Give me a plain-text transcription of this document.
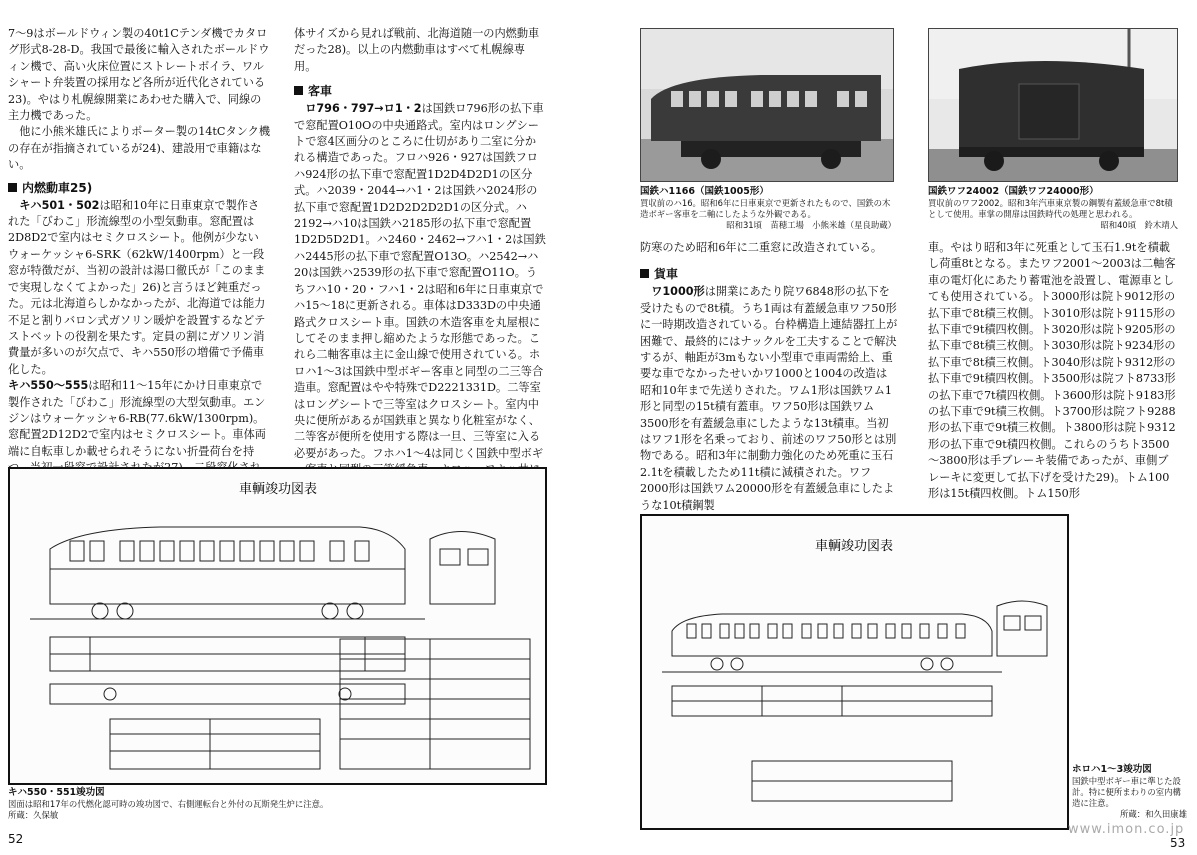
7～9はボールドウィン製の40t1Cテンダ機でカタログ形式8-28-D。我国で最後に輸入されたボールドウィン機で、高い火床位置にストレートボイラ、ワルシャート弁装置の採用など各所が近代化されている23)。やはり札幌線開業にあわせた購入で、同線の主力機であった。

他に小熊米雄氏によりポーター製の14tCタンク機の存在が指摘されているが24)、建設用で車籍はない。

内燃動車25)

キハ501・502は昭和10年に日車東京で製作された「びわこ」形流線型の小型気動車。窓配置は2D8D2で室内はセミクロスシート。他例が少ないウォーケッシャ6-SRK（62kW/1400rpm）と一段窓が特徴だが、当初の設計は湯口徹氏が「このままで実現しなくてよかった」26)と言うほど鈍重だった。元は北海道らしかなかったが、北海道では能力不足と割りバロン式ガソリン暖炉を設置するなどテストベットの役割を果たす。定員の割にガソリン消費量が多いのが欠点で、キハ550形の増備で予備車化した。

キハ550～555は昭和11～15年にかけ日車東京で製作された「びわこ」形流線型の大型気動車。エンジンはウォーケッシャ6-RB(77.6kW/1300rpm)。窓配置2D12D2で室内はセミクロスシート。車体両端に自転車しか載せられそうにない折畳荷台を持

体サイズから見れば戦前、北海道随一の内燃動車だった28)。以上の内燃動車はすべて札幌線専用。

客車

ロ796・797→ロ1・2は国鉄ロ796形の払下車で窓配置O10Oの中央通路式。室内はロングシートで窓4区画分のところに仕切があり二室に分かれる構造であった。フロハ926・927は国鉄フロハ924形の払下車で窓配置1D2D4D2D1の区分式。ハ2039・2044→ハ1・2は国鉄ハ2024形の払下車で窓配置1D2D2D2D2D1の区分式。ハ2192→ハ10は国鉄ハ2185形の払下車で窓配置1D2D5D2D1。ハ2460・2462→フハ1・2は国鉄ハ2445形の払下車で窓配置O13O。ハ2542→ハ20は国鉄ハ2539形の払下車で窓配置O11O。うちフハ10・20・フハ1・2は昭和6年に日車東京でハ15～18に更新される。車体はD333Dの中央通路式クロスシート車。国鉄の木造客車を丸屋根にしてそのまま押し縮めたような形態であった。これら二軸客車は主に金山線で使用されている。ホロハ1～3は国鉄中型ボギー客車と同型の二三等合造車。窓配置はやや特殊でD2221331D。二等室はロングシートで三等室はクロスシート。室内中央に便所があるが国鉄車と異なり化粧室がなく、二等客が便所を使用する際は一旦、三等室に入る必要があった。フホハ1～4は同じく国鉄中型ボギ

車輌竣功図表
キハ550・551竣功図
図面は昭和17年の代燃化認可時の竣功図で、右側運転台と外付の瓦斯発生炉に注意。
所蔵：久保敏
52
国鉄ハ1166（国鉄1005形）
買収前のハ16。昭和6年に日車東京で更新されたもので、国鉄の木造ボギー客車を二軸にしたような外観である。
昭和31頃　苗穂工場　小熊米雄（星良助蔵）
国鉄ワフ24002（国鉄ワフ24000形）
買収前のワフ2002。昭和3年汽車東京製の鋼製有蓋緩急車で8t積として使用。車掌の開扉は国鉄時代の処理と思われる。
昭和40頃　鈴木靖人

防寒のため昭和6年に二重窓に改造されている。

貨車

ワ1000形は開業にあたり院ワ6848形の払下を受けたもので8t積。うち1両は有蓋緩急車ワフ50形に一時期改造されている。台枠構造上連結器扛上が困難で、最終的にはナックルを工夫することで解決するが、軸距が3mもない小型車で車両需給上、重要な車でなかったせいかワ1000と1004の改造は昭和10年まで先送りされた。ワム1形は国鉄ワム1形と同型の15t積有蓋車。ワフ50形は国鉄ワム3500形を有蓋緩急車にしたような13t積車。当初はワフ1形を名乗っており、前述のワフ50形とは別物である。昭和3年に制動力強化のため死重に玉石2.1tを積載したため11t積に減積された。ワフ2000形は国鉄ワム20000形を有蓋緩急車にしたような10t積鋼製

車。やはり昭和3年に死重として玉石1.9tを積載し荷重8tとなる。またワフ2001～2003は二軸客車の電灯化にあたり蓄電池を設置し、電源車としても使用されている。ト3000形は院ト9012形の払下車で8t積三枚側。ト3010形は院ト9115形の払下車で9t積四枚側。ト3020形は院ト9205形の払下車で8t積三枚側。ト3030形は院ト9234形の払下車で8t積三枚側。ト3040形は院ト9312形の払下車で9t積四枚側。ト3500形は院フト8733形の払下車で7t積四枚側。ト3600形は院ト9183形の払下車で9t積三枚側。ト3700形は院フト9288形の払下車で9t積三枚側。ト3800形は院ト9312形の払下車で9t積四枚側。これらのうちト3500～3800形は手ブレーキ装備であったが、車側ブレーキに変更して払下げを受けた29)。トム100形は15t積四枚側。トム150形

車輌竣功図表
ホロハ1～3竣功図
国鉄中型ボギー車に準じた設計。特に便所まわりの室内構造に注意。
所蔵：和久田康雄
www.imon.co.jp
53
